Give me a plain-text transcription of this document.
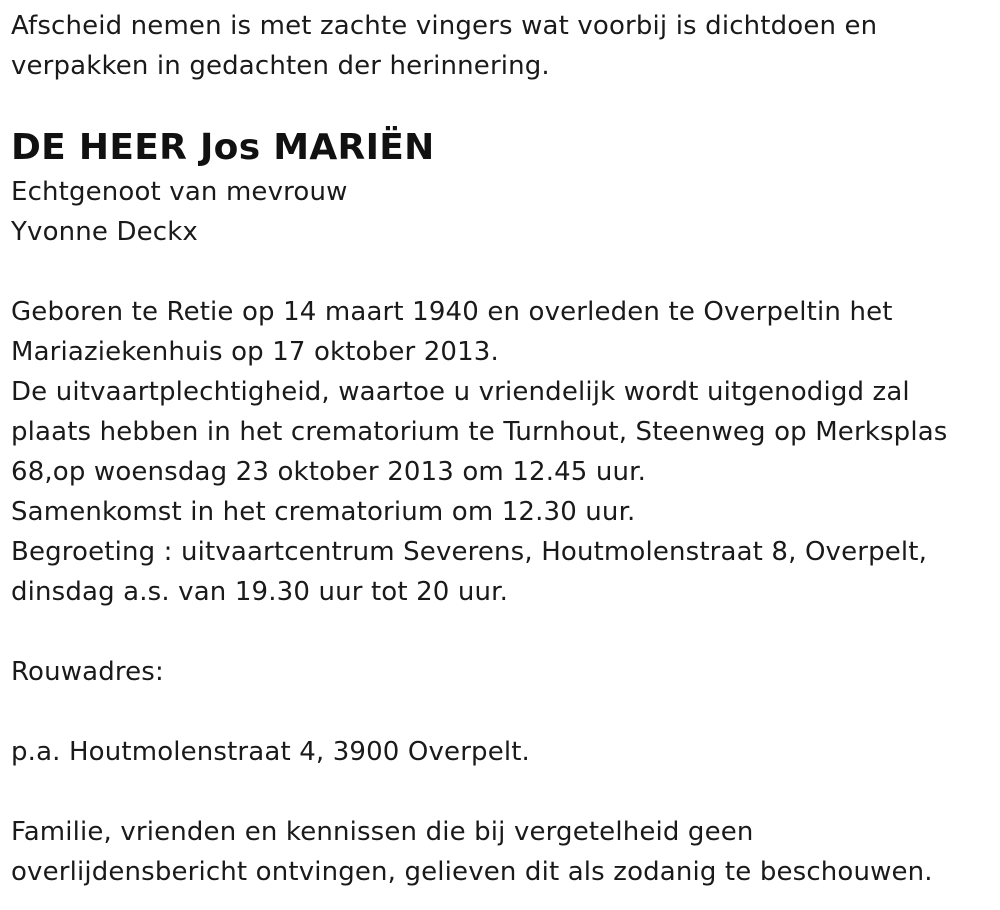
Afscheid nemen is met zachte vingers wat voorbij is dichtdoen en
verpakken in gedachten der herinnering.
DE HEER Jos MARIËN
Echtgenoot van mevrouw
Yvonne Deckx
Geboren te Retie op 14 maart 1940 en overleden te Overpeltin het
Mariaziekenhuis op 17 oktober 2013.
De uitvaartplechtigheid, waartoe u vriendelijk wordt uitgenodigd zal
plaats hebben in het crematorium te Turnhout, Steenweg op Merksplas
68,op woensdag 23 oktober 2013 om 12.45 uur.
Samenkomst in het crematorium om 12.30 uur.
Begroeting : uitvaartcentrum Severens, Houtmolenstraat 8, Overpelt,
dinsdag a.s. van 19.30 uur tot 20 uur.
Rouwadres:
p.a. Houtmolenstraat 4, 3900 Overpelt.
Familie, vrienden en kennissen die bij vergetelheid geen
overlijdensbericht ontvingen, gelieven dit als zodanig te beschouwen.
